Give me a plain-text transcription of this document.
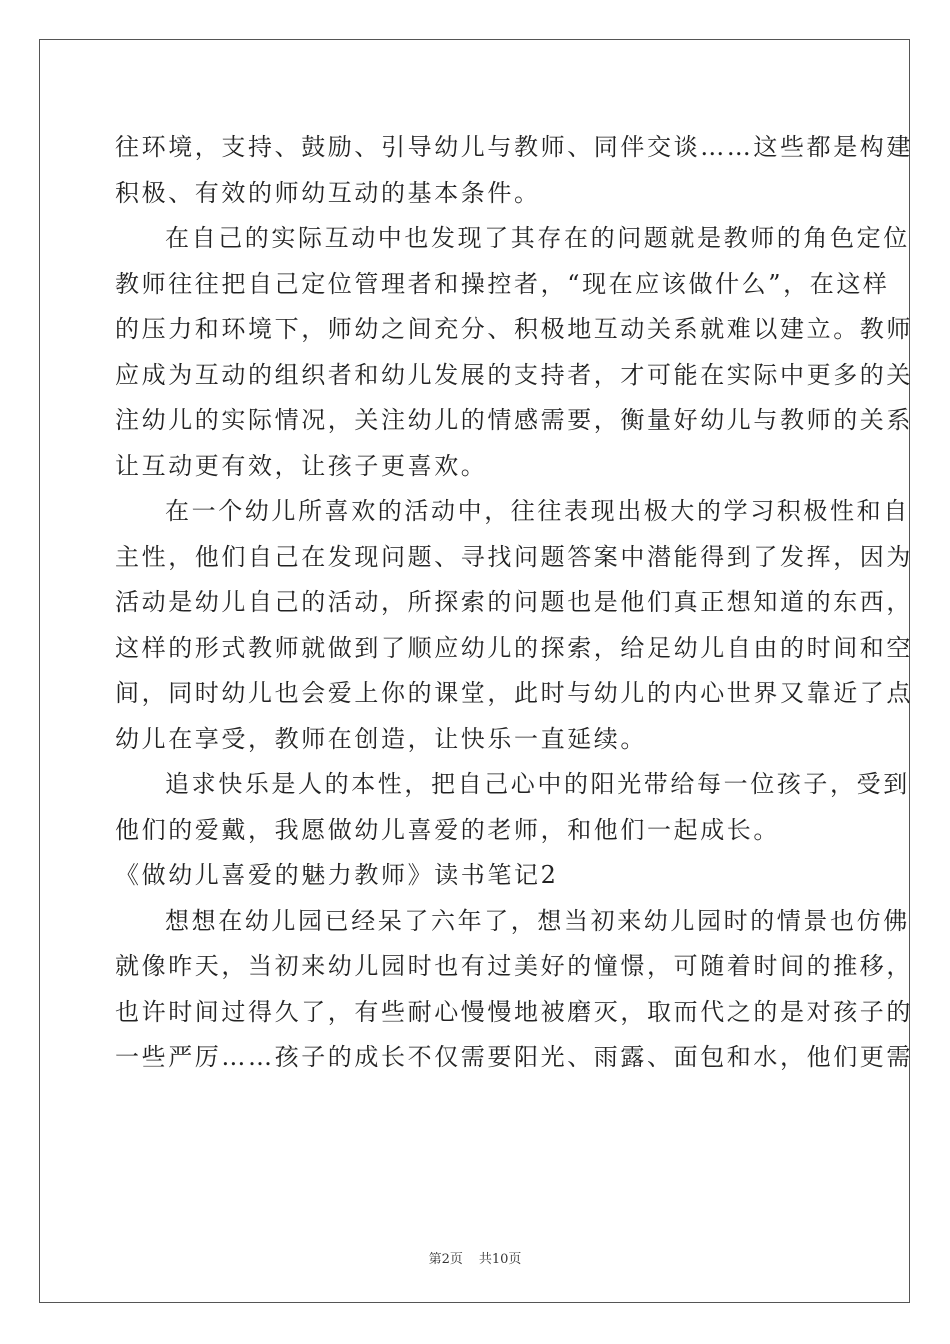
往环境，支持、鼓励、引导幼儿与教师、同伴交谈……这些都是构建
积极、有效的师幼互动的基本条件。
在自己的实际互动中也发现了其存在的问题就是教师的角色定位
教师往往把自己定位管理者和操控者，“现在应该做什么”，在这样
的压力和环境下，师幼之间充分、积极地互动关系就难以建立。教师
应成为互动的组织者和幼儿发展的支持者，才可能在实际中更多的关
注幼儿的实际情况，关注幼儿的情感需要，衡量好幼儿与教师的关系
让互动更有效，让孩子更喜欢。
在一个幼儿所喜欢的活动中，往往表现出极大的学习积极性和自
主性，他们自己在发现问题、寻找问题答案中潜能得到了发挥，因为
活动是幼儿自己的活动，所探索的问题也是他们真正想知道的东西，
这样的形式教师就做到了顺应幼儿的探索，给足幼儿自由的时间和空
间，同时幼儿也会爱上你的课堂，此时与幼儿的内心世界又靠近了点
幼儿在享受，教师在创造，让快乐一直延续。
追求快乐是人的本性，把自己心中的阳光带给每一位孩子，受到
他们的爱戴，我愿做幼儿喜爱的老师，和他们一起成长。
《做幼儿喜爱的魅力教师》读书笔记2
想想在幼儿园已经呆了六年了，想当初来幼儿园时的情景也仿佛
就像昨天，当初来幼儿园时也有过美好的憧憬，可随着时间的推移，
也许时间过得久了，有些耐心慢慢地被磨灭，取而代之的是对孩子的
一些严厉……孩子的成长不仅需要阳光、雨露、面包和水，他们更需
第2页 共10页
